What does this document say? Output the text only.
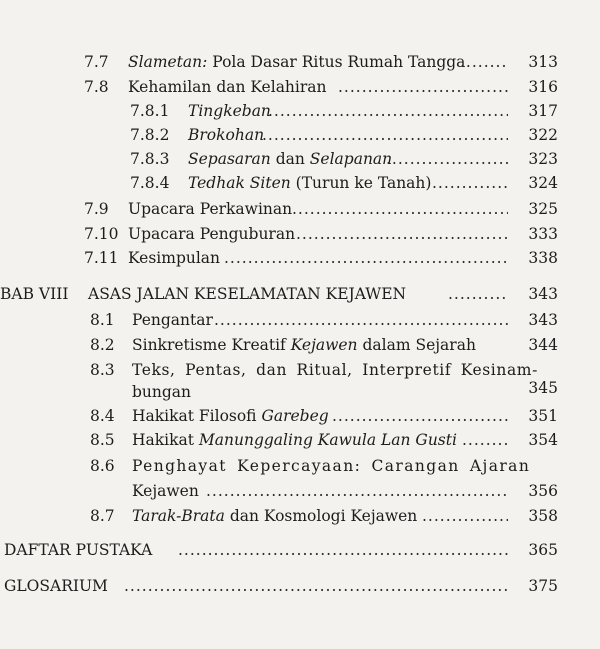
7.7 Slametan: Pola Dasar Ritus Rumah Tangga .....	313
7.8 Kehamilan dan Kelahiran .....	316
7.8.1 Tingkeban .....	317
7.8.2 Brokohan .....	322
7.8.3 Sepasaran dan Selapanan .....	323
7.8.4 Tedhak Siten (Turun ke Tanah) .....	324
7.9 Upacara Perkawinan .....	325
7.10 Upacara Penguburan .....	333
7.11 Kesimpulan .....	338
BAB VIII ASAS JALAN KESELAMATAN KEJAWEN .....	343
8.1 Pengantar .....	343
8.2 Sinkretisme Kreatif Kejawen dalam Sejarah	344
8.3 Teks, Pentas, dan Ritual, Interpretif Kesinam-
bungan	345
8.4 Hakikat Filosofi Garebeg .....	351
8.5 Hakikat Manunggaling Kawula Lan Gusti .....	354
8.6 Penghayat Kepercayaan: Carangan Ajaran
Kejawen .....	356
8.7 Tarak-Brata dan Kosmologi Kejawen .....	358
DAFTAR PUSTAKA .....	365
GLOSARIUM .....	375
